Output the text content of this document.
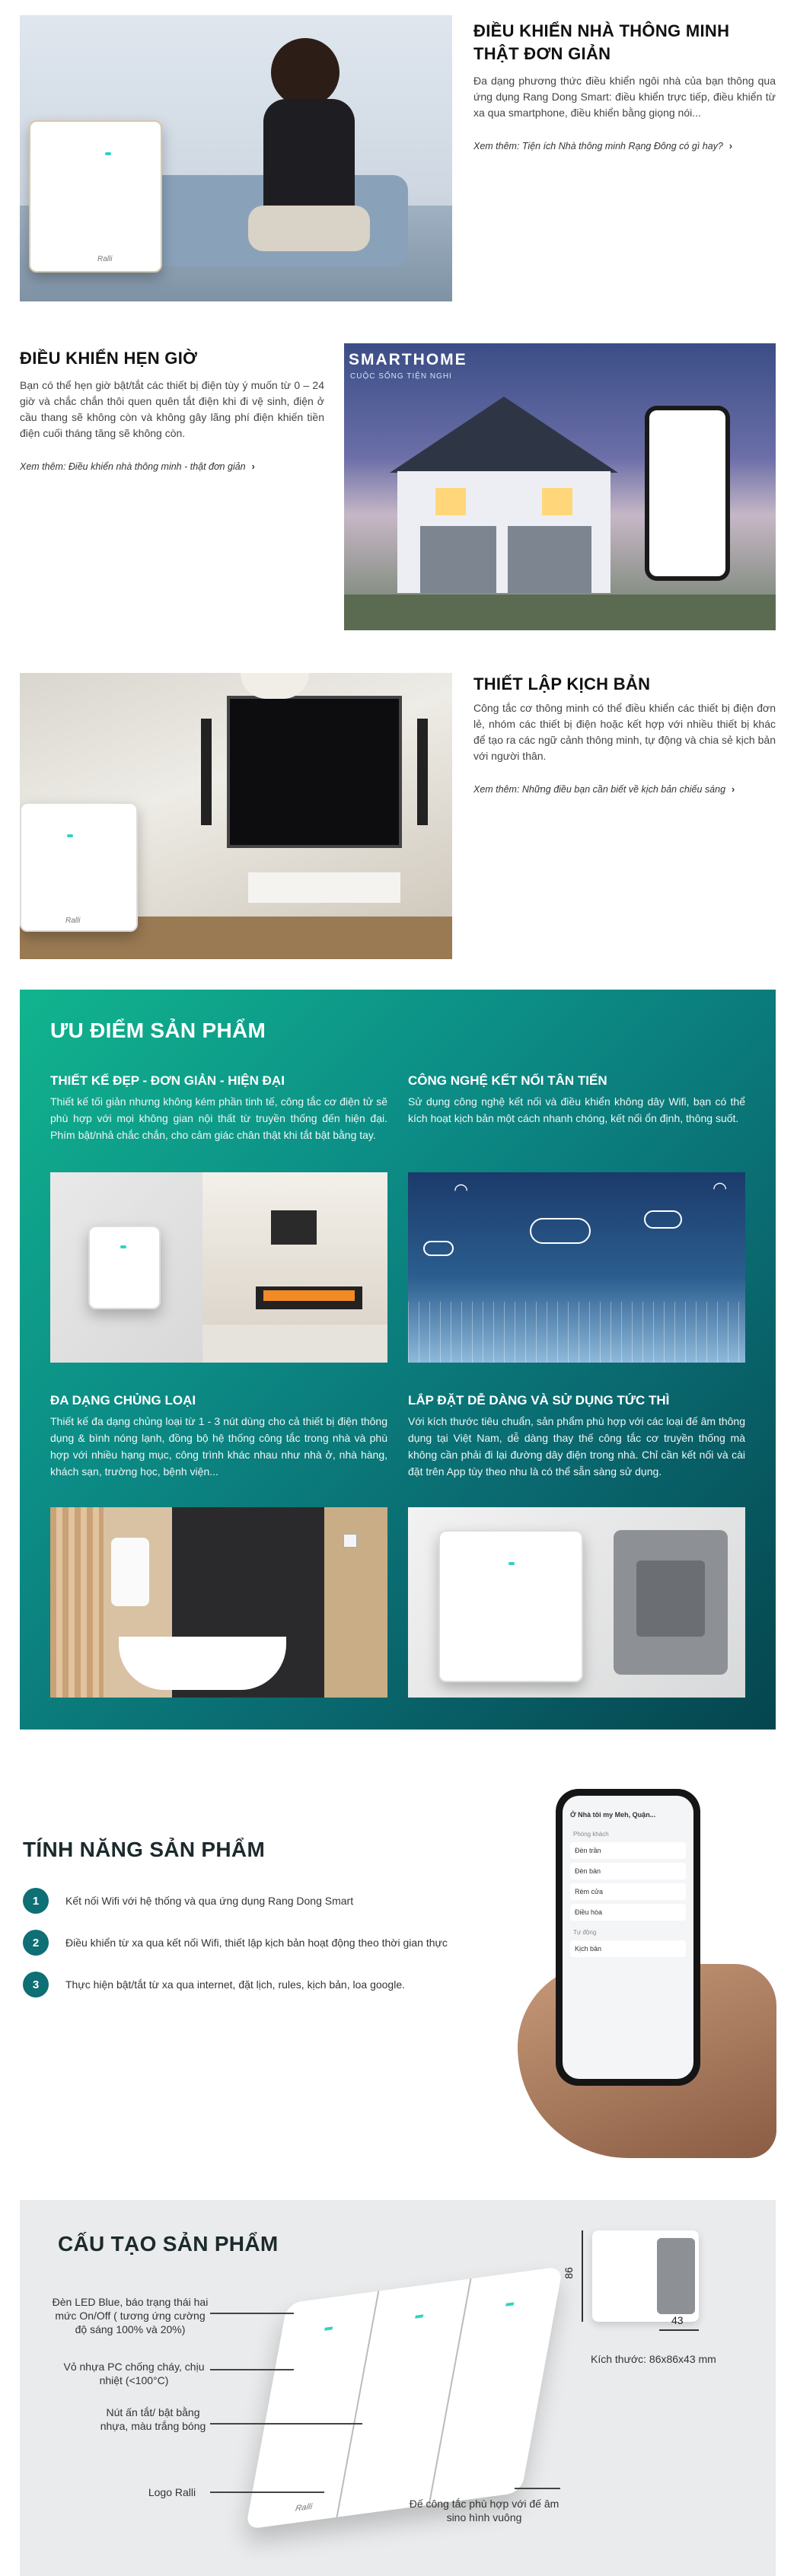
Ralli
ĐIỀU KHIỂN NHÀ THÔNG MINH THẬT ĐƠN GIẢN

Đa dạng phương thức điều khiển ngôi nhà của bạn thông qua ứng dụng Rang Dong Smart: điều khiển trực tiếp, điều khiển từ xa qua smartphone, điều khiển bằng giọng nói...

Xem thêm: Tiện ích Nhà thông minh Rạng Đông có gì hay? ›
ĐIỀU KHIỂN HẸN GIỜ

Bạn có thể hẹn giờ bật/tắt các thiết bị điện tùy ý muốn từ 0 – 24 giờ và chắc chắn thôi quen quên tắt điện khi đi vệ sinh, điện ở cầu thang sẽ không còn và không gây lãng phí điện khiến tiền điện cuối tháng tăng sẽ không còn.

Xem thêm: Điều khiển nhà thông minh - thật đơn giản ›
SMARTHOME
CUỘC SỐNG TIỆN NGHI
Ralli
THIẾT LẬP KỊCH BẢN

Công tắc cơ thông minh có thể điều khiển các thiết bị điện đơn lẻ, nhóm các thiết bị điện hoặc kết hợp với nhiều thiết bị khác để tạo ra các ngữ cảnh thông minh, tự động và chia sẻ kịch bản với người thân.

Xem thêm: Những điều bạn cần biết về kịch bản chiếu sáng ›
ƯU ĐIỂM SẢN PHẨM
THIẾT KẾ ĐẸP - ĐƠN GIẢN - HIỆN ĐẠI

Thiết kế tối giản nhưng không kém phần tinh tế, công tắc cơ điện tử sẽ phù hợp với mọi không gian nội thất từ truyền thống đến hiện đại. Phím bật/nhả chắc chắn, cho cảm giác chân thật khi tắt bật bằng tay.

CÔNG NGHỆ KẾT NỐI TÂN TIẾN

Sử dụng công nghệ kết nối và điều khiển không dây Wifi, bạn có thể kích hoạt kịch bản một cách nhanh chóng, kết nối ổn định, thông suốt.

◠	◠
ĐA DẠNG CHỦNG LOẠI

Thiết kế đa dạng chủng loại từ 1 - 3 nút dùng cho cả thiết bị điện thông dụng & bình nóng lạnh, đồng bộ hệ thống công tắc trong nhà và phù hợp với nhiều hạng mục, công trình khác nhau như nhà ở, nhà hàng, khách sạn, trường học, bệnh viện...

LẮP ĐẶT DỄ DÀNG VÀ SỬ DỤNG TỨC THÌ

Với kích thước tiêu chuẩn, sản phẩm phù hợp với các loại đế âm thông dụng tại Việt Nam, dễ dàng thay thế công tắc cơ truyền thống mà không cần phải đi lại đường dây điện trong nhà. Chỉ cần kết nối và cài đặt trên App tùy theo nhu là có thể sẵn sàng sử dụng.

TÍNH NĂNG SẢN PHẨM
1	Kết nối Wifi với hệ thống và qua ứng dụng Rang Dong Smart
2	Điều khiển từ xa qua kết nối Wifi, thiết lập kịch bản hoạt động theo thời gian thực
3	Thực hiện bật/tắt từ xa qua internet, đặt lịch, rules, kịch bản, loa google.
Ở Nhà tôi my Meh, Quận...
Phòng khách
Đèn trần
Đèn bàn
Rèm cửa
Điều hòa
Tự động
Kịch bản
CẤU TẠO SẢN PHẨM
Ralli
Đèn LED Blue, báo trạng thái hai mức On/Off ( tương ứng cường độ sáng 100% và 20%)
Vỏ nhựa PC chống cháy, chịu nhiệt (<100°C)
Nút ấn tắt/ bật bằng nhựa, màu trắng bóng
Logo Ralli
Đế công tắc phù hợp với đế âm sino hình vuông
86
43
Kích thước: 86x86x43 mm
